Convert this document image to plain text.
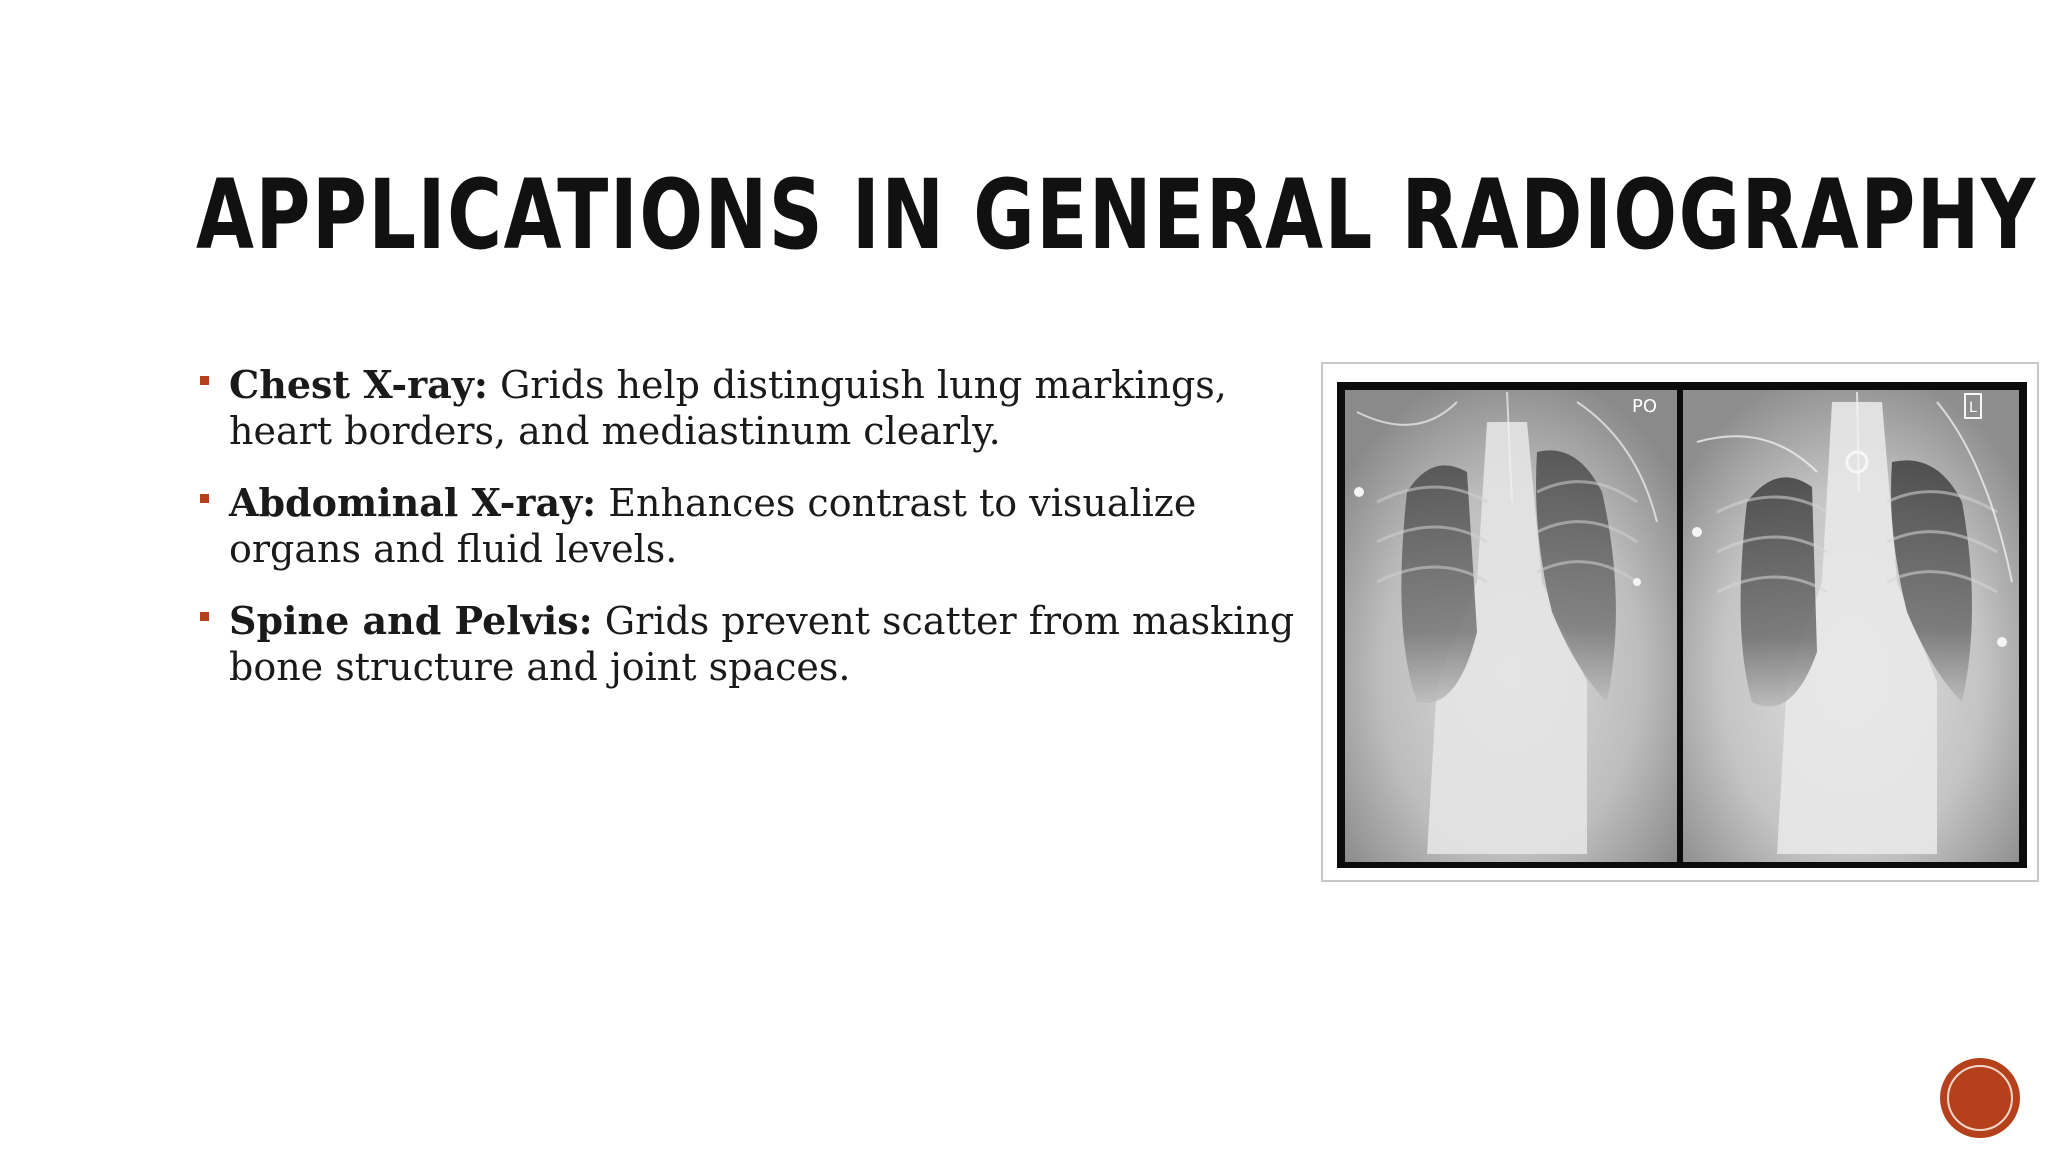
APPLICATIONS IN GENERAL RADIOGRAPHY
Chest X-ray: Grids help distinguish lung markings, heart borders, and mediastinum clearly.
Abdominal X-ray: Enhances contrast to visualize organs and fluid levels.
Spine and Pelvis: Grids prevent scatter from masking bone structure and joint spaces.
PO	L
